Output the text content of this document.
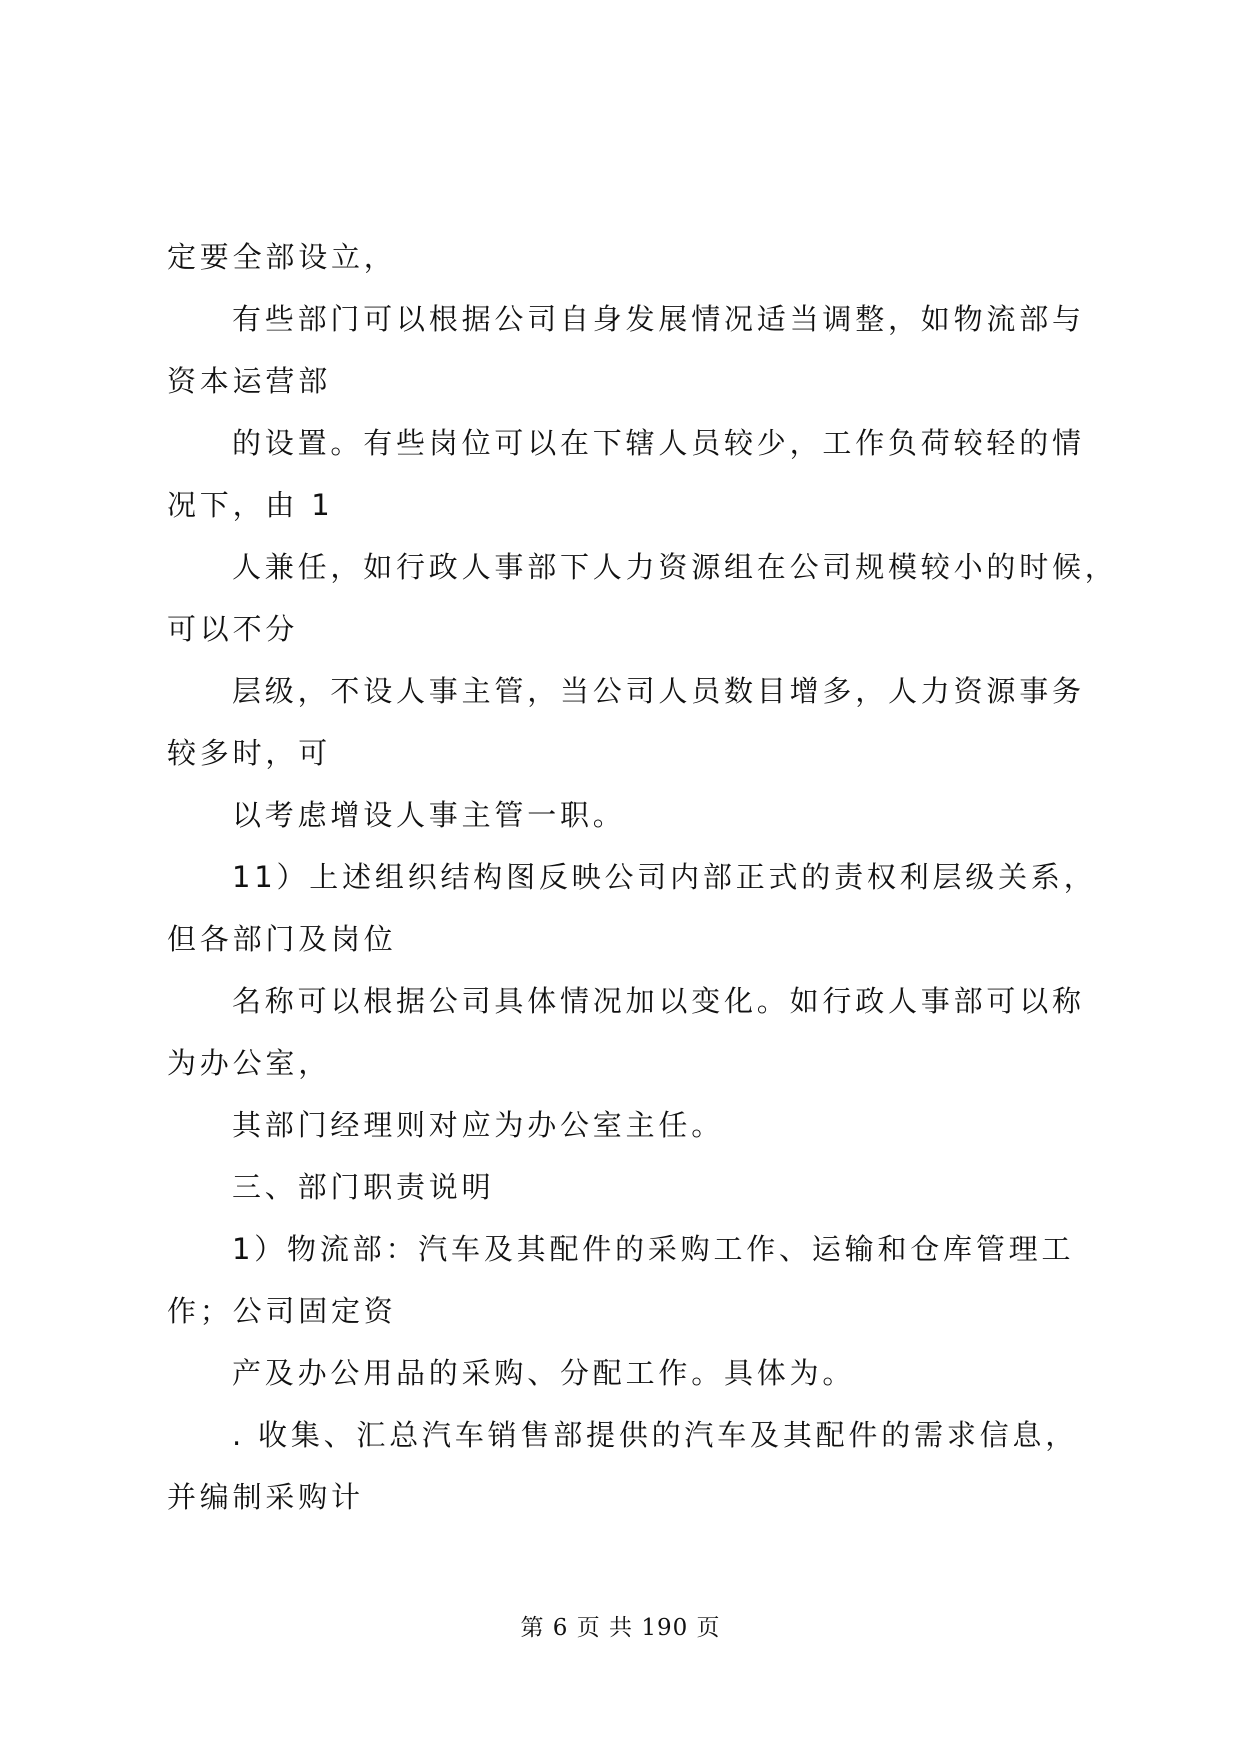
定要全部设立，
有些部门可以根据公司自身发展情况适当调整，如物流部与
资本运营部
的设置。有些岗位可以在下辖人员较少，工作负荷较轻的情
况下，由 1
人兼任，如行政人事部下人力资源组在公司规模较小的时候，
可以不分
层级，不设人事主管，当公司人员数目增多，人力资源事务
较多时，可
以考虑增设人事主管一职。
11）上述组织结构图反映公司内部正式的责权利层级关系，
但各部门及岗位
名称可以根据公司具体情况加以变化。如行政人事部可以称
为办公室，
其部门经理则对应为办公室主任。
三、部门职责说明
1）物流部：汽车及其配件的采购工作、运输和仓库管理工
作；公司固定资
产及办公用品的采购、分配工作。具体为。
. 收集、汇总汽车销售部提供的汽车及其配件的需求信息，
并编制采购计
第 6 页 共 190 页
